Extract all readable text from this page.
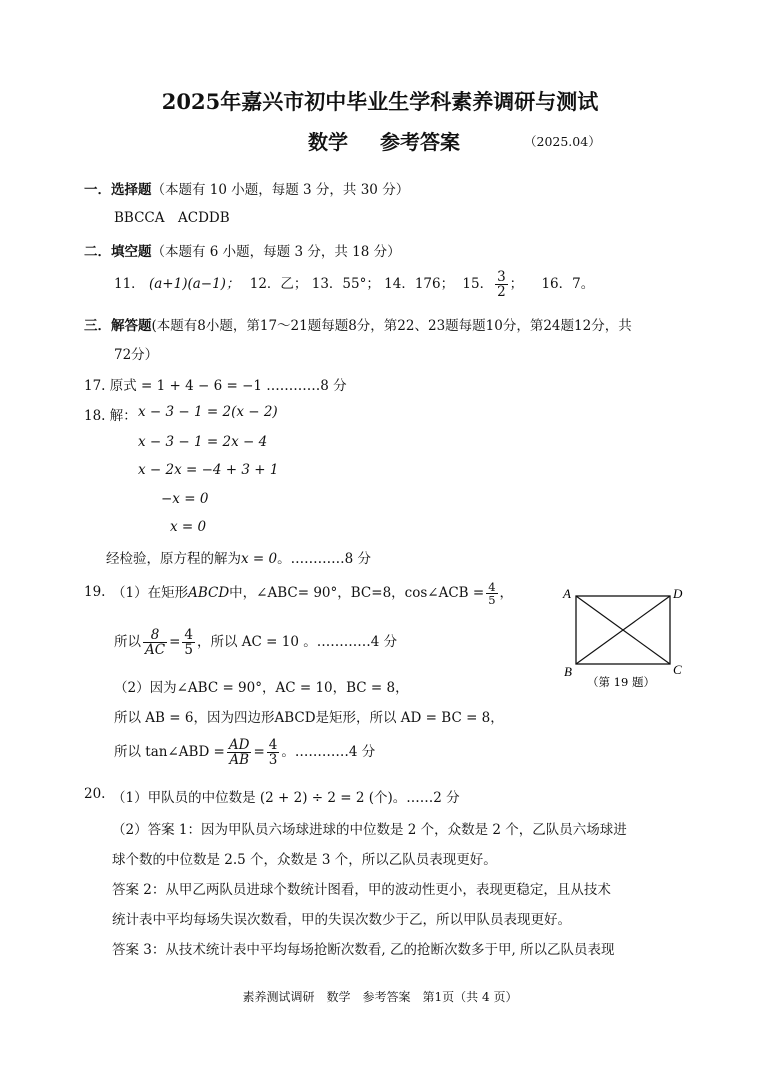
2025年嘉兴市初中毕业生学科素养调研与测试
数学 参考答案	（2025.04）
一．选择题（本题有 10 小题，每题 3 分，共 30 分）
BBCCA　ACDDB
二．填空题（本题有 6 小题，每题 3 分，共 18 分）
11． (a+1)(a−1)； 12．乙； 13．55°； 14．176； 15． $\frac{3}{2}$ ； 16．7。
三．解答题(本题有8小题，第17～21题每题8分，第22、23题每题10分，第24题12分，共
72分）
17. 原式 = 1 + 4 − 6 = −1 …………8 分
18. 解： x − 3 − 1 = 2(x − 2)
x − 3 − 1 = 2x − 4
x − 2x = −4 + 3 + 1
−x = 0
x = 0
经检验，原方程的解为x = 0。…………8 分
19. （1）在矩形ABCD中，∠ABC= 90°，BC=8，cos∠ACB = $\frac{4}{5}$ ，
所以 $\frac{8}{AC} = \frac{4}{5}$ ，所以 AC = 10 。…………4 分
（2）因为∠ABC = 90°，AC = 10，BC = 8，
所以 AB = 6，因为四边形ABCD是矩形，所以 AD = BC = 8，
所以 tan∠ABD = $\frac{AD}{AB} = \frac{4}{3}$ 。…………4 分
A	D
B	C
（第 19 题）
20. （1）甲队员的中位数是 (2 + 2) ÷ 2 = 2 (个)。……2 分
（2）答案 1：因为甲队员六场球进球的中位数是 2 个，众数是 2 个，乙队员六场球进
球个数的中位数是 2.5 个，众数是 3 个，所以乙队员表现更好。
答案 2：从甲乙两队员进球个数统计图看，甲的波动性更小，表现更稳定，且从技术
统计表中平均每场失误次数看，甲的失误次数少于乙，所以甲队员表现更好。
答案 3：从技术统计表中平均每场抢断次数看, 乙的抢断次数多于甲, 所以乙队员表现
素养测试调研　数学　参考答案　第1页（共 4 页）
